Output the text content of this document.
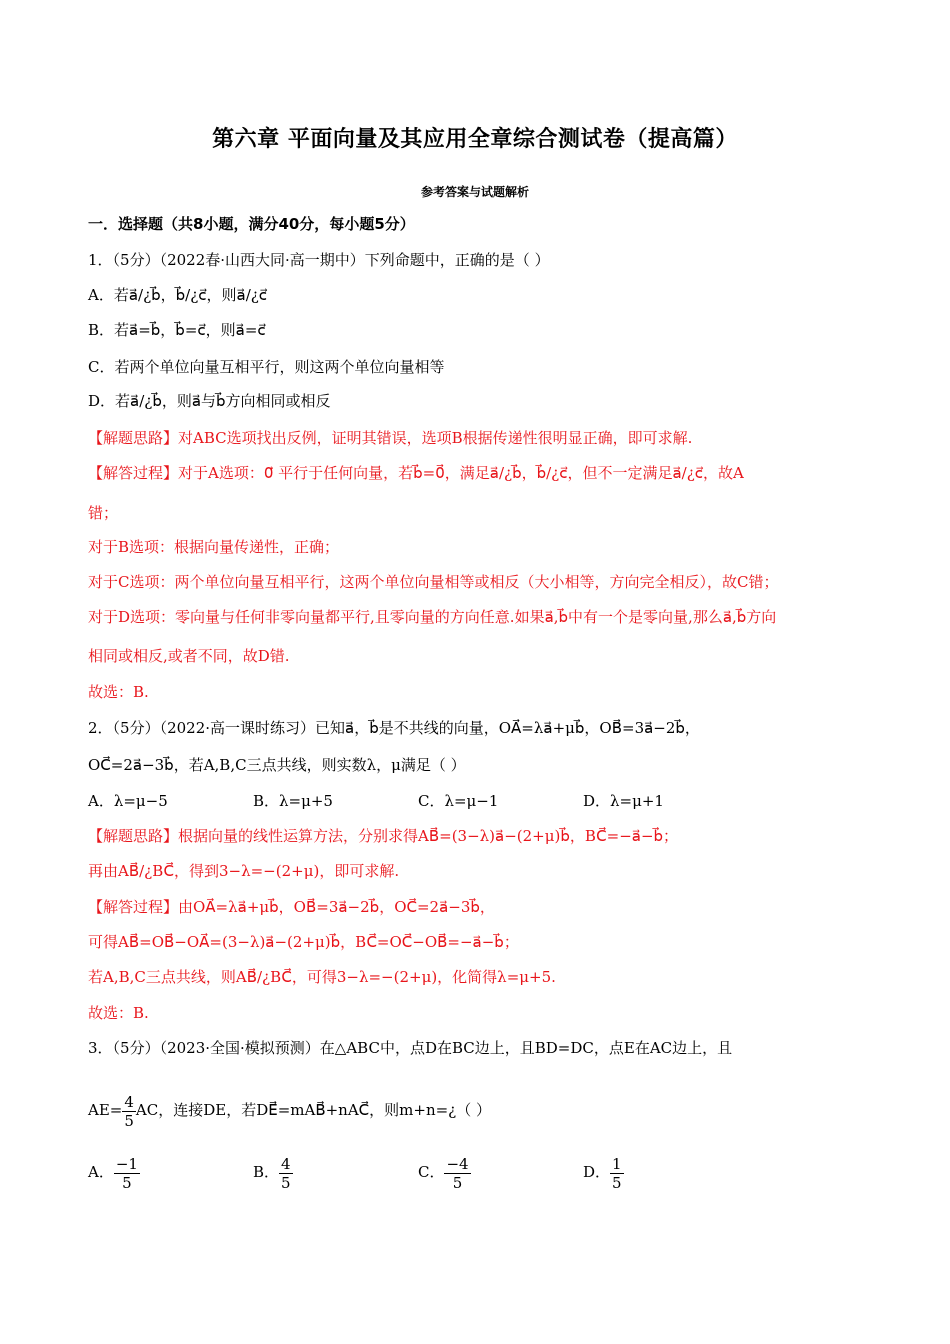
第六章 平面向量及其应用全章综合测试卷（提高篇）
参考答案与试题解析
一．选择题（共8小题，满分40分，每小题5分）
1．（5分）（2022春·山西大同·高一期中）下列命题中，正确的是（ ）
A．若a⃗/¿b⃗，b⃗/¿c⃗，则a⃗/¿c⃗
B．若a⃗=b⃗，b⃗=c⃗，则a⃗=c⃗
C．若两个单位向量互相平行，则这两个单位向量相等
D．若a⃗/¿b⃗，则a⃗与b⃗方向相同或相反
【解题思路】对ABC选项找出反例，证明其错误，选项B根据传递性很明显正确，即可求解.
【解答过程】对于A选项：0⃗ 平行于任何向量，若b⃗=0⃗，满足a⃗/¿b⃗，b⃗/¿c⃗，但不一定满足a⃗/¿c⃗，故A
错；
对于B选项：根据向量传递性，正确；
对于C选项：两个单位向量互相平行，这两个单位向量相等或相反（大小相等，方向完全相反），故C错；
对于D选项：零向量与任何非零向量都平行,且零向量的方向任意.如果a⃗,b⃗中有一个是零向量,那么a⃗,b⃗方向
相同或相反,或者不同，故D错.
故选：B.
2．（5分）（2022·高一课时练习）已知a⃗，b⃗是不共线的向量，OA⃗=λa⃗+μb⃗，OB⃗=3a⃗−2b⃗，
OC⃗=2a⃗−3b⃗，若A,B,C三点共线，则实数λ，μ满足（ ）
A．λ=μ−5	B．λ=μ+5	C．λ=μ−1	D．λ=μ+1
【解题思路】根据向量的线性运算方法，分别求得AB⃗=(3−λ)a⃗−(2+μ)b⃗，BC⃗=−a⃗−b⃗；
再由AB⃗/¿BC⃗，得到3−λ=−(2+μ)，即可求解.
【解答过程】由OA⃗=λa⃗+μb⃗，OB⃗=3a⃗−2b⃗，OC⃗=2a⃗−3b⃗，
可得AB⃗=OB⃗−OA⃗=(3−λ)a⃗−(2+μ)b⃗，BC⃗=OC⃗−OB⃗=−a⃗−b⃗；
若A,B,C三点共线，则AB⃗/¿BC⃗，可得3−λ=−(2+μ)，化简得λ=μ+5.
故选：B.
3．（5分）（2023·全国·模拟预测）在△ABC中，点D在BC边上，且BD=DC，点E在AC边上，且
$AE= \frac{4}{5}$ AC，连接DE，若DE⃗=mAB⃗+nAC⃗，则m+n=¿（ ）
A． $\frac{-1}{5}$	B． $\frac{4}{5}$	C． $\frac{-4}{5}$	D． $\frac{1}{5}$
